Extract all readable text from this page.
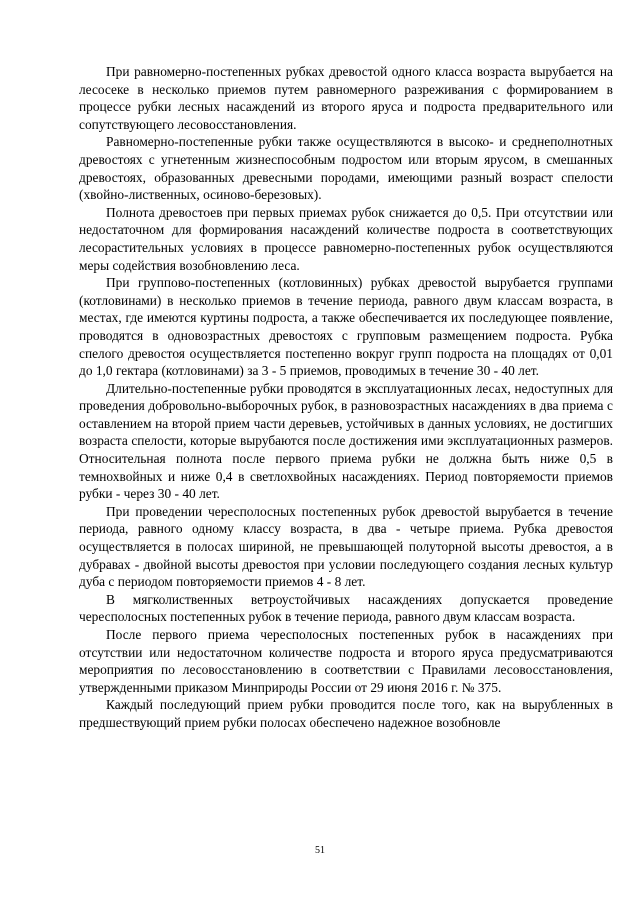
При равномерно-постепенных рубках древостой одного класса возраста вырубается на лесосеке в несколько приемов путем равномерного разреживания с формированием в процессе рубки лесных насаждений из второго яруса и подроста предварительного или сопутствующего лесовосстановления.

Равномерно-постепенные рубки также осуществляются в высоко- и среднеполнотных древостоях с угнетенным жизнеспособным подростом или вторым ярусом, в смешанных древостоях, образованных древесными породами, имеющими разный возраст спелости (хвойно-лиственных, осиново-березовых).

Полнота древостоев при первых приемах рубок снижается до 0,5. При отсутствии или недостаточном для формирования насаждений количестве подроста в соответствующих лесорастительных условиях в процессе равномерно-постепенных рубок осуществляются меры содействия возобновлению леса.

При группово-постепенных (котловинных) рубках древостой вырубается группами (котловинами) в несколько приемов в течение периода, равного двум классам возраста, в местах, где имеются куртины подроста, а также обеспечивается их последующее появление, проводятся в одновозрастных древостоях с групповым размещением подроста. Рубка спелого древостоя осуществляется постепенно вокруг групп подроста на площадях от 0,01 до 1,0 гектара (котловинами) за 3 - 5 приемов, проводимых в течение 30 - 40 лет.

Длительно-постепенные рубки проводятся в эксплуатационных лесах, недоступных для проведения добровольно-выборочных рубок, в разновозрастных насаждениях в два приема с оставлением на второй прием части деревьев, устойчивых в данных условиях, не достигших возраста спелости, которые вырубаются после достижения ими эксплуатационных размеров. Относительная полнота после первого приема рубки не должна быть ниже 0,5 в темнохвойных и ниже 0,4 в светлохвойных насаждениях. Период повторяемости приемов рубки - через 30 - 40 лет.

При проведении чересполосных постепенных рубок древостой вырубается в течение периода, равного одному классу возраста, в два - четыре приема. Рубка древостоя осуществляется в полосах шириной, не превышающей полуторной высоты древостоя, а в дубравах - двойной высоты древостоя при условии последующего создания лесных культур дуба с периодом повторяемости приемов 4 - 8 лет.

В мягколиственных ветроустойчивых насаждениях допускается проведение чересполосных постепенных рубок в течение периода, равного двум классам возраста.

После первого приема чересполосных постепенных рубок в насаждениях при отсутствии или недостаточном количестве подроста и второго яруса предусматриваются мероприятия по лесовосстановлению в соответствии с Правилами лесовосстановления, утвержденными приказом Минприроды России от 29 июня 2016 г. № 375.

Каждый последующий прием рубки проводится после того, как на вырубленных в предшествующий прием рубки полосах обеспечено надежное возобновле

51
